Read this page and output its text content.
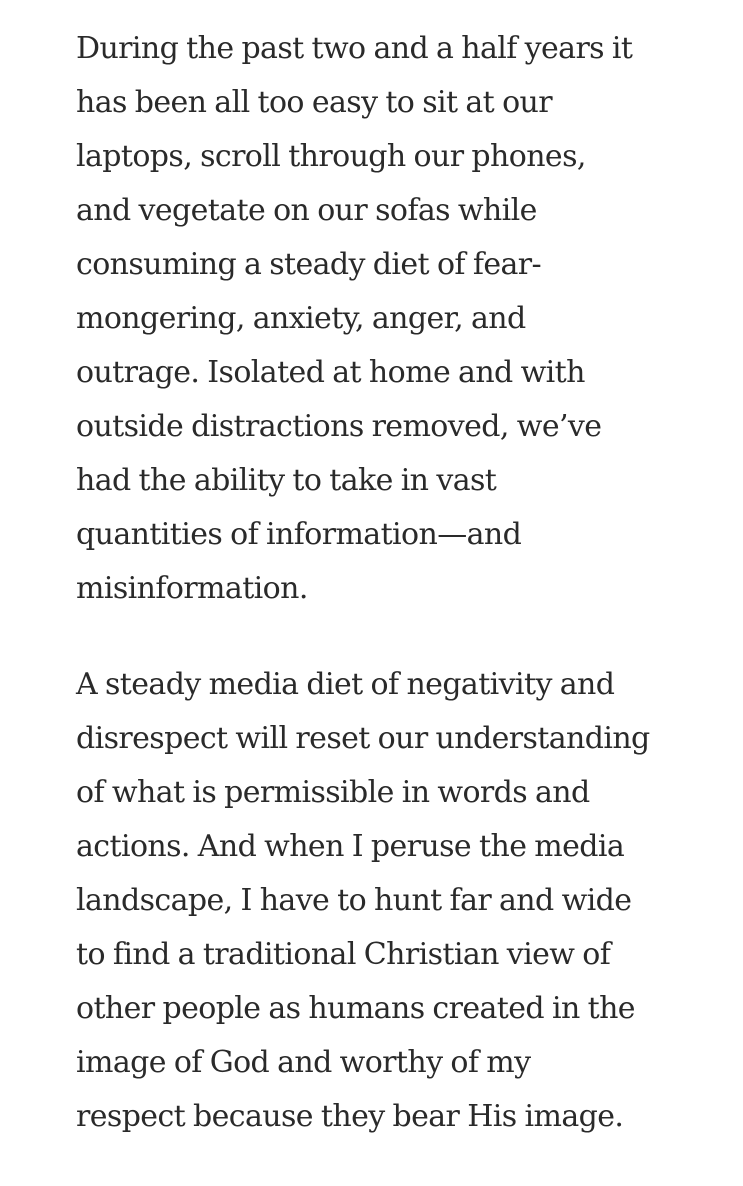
During the past two and a half years it
has been all too easy to sit at our
laptops, scroll through our phones,
and vegetate on our sofas while
consuming a steady diet of fear-
mongering, anxiety, anger, and
outrage. Isolated at home and with
outside distractions removed, we’ve
had the ability to take in vast
quantities of information—and
misinformation.

A steady media diet of negativity and
disrespect will reset our understanding
of what is permissible in words and
actions. And when I peruse the media
landscape, I have to hunt far and wide
to find a traditional Christian view of
other people as humans created in the
image of God and worthy of my
respect because they bear His image.
